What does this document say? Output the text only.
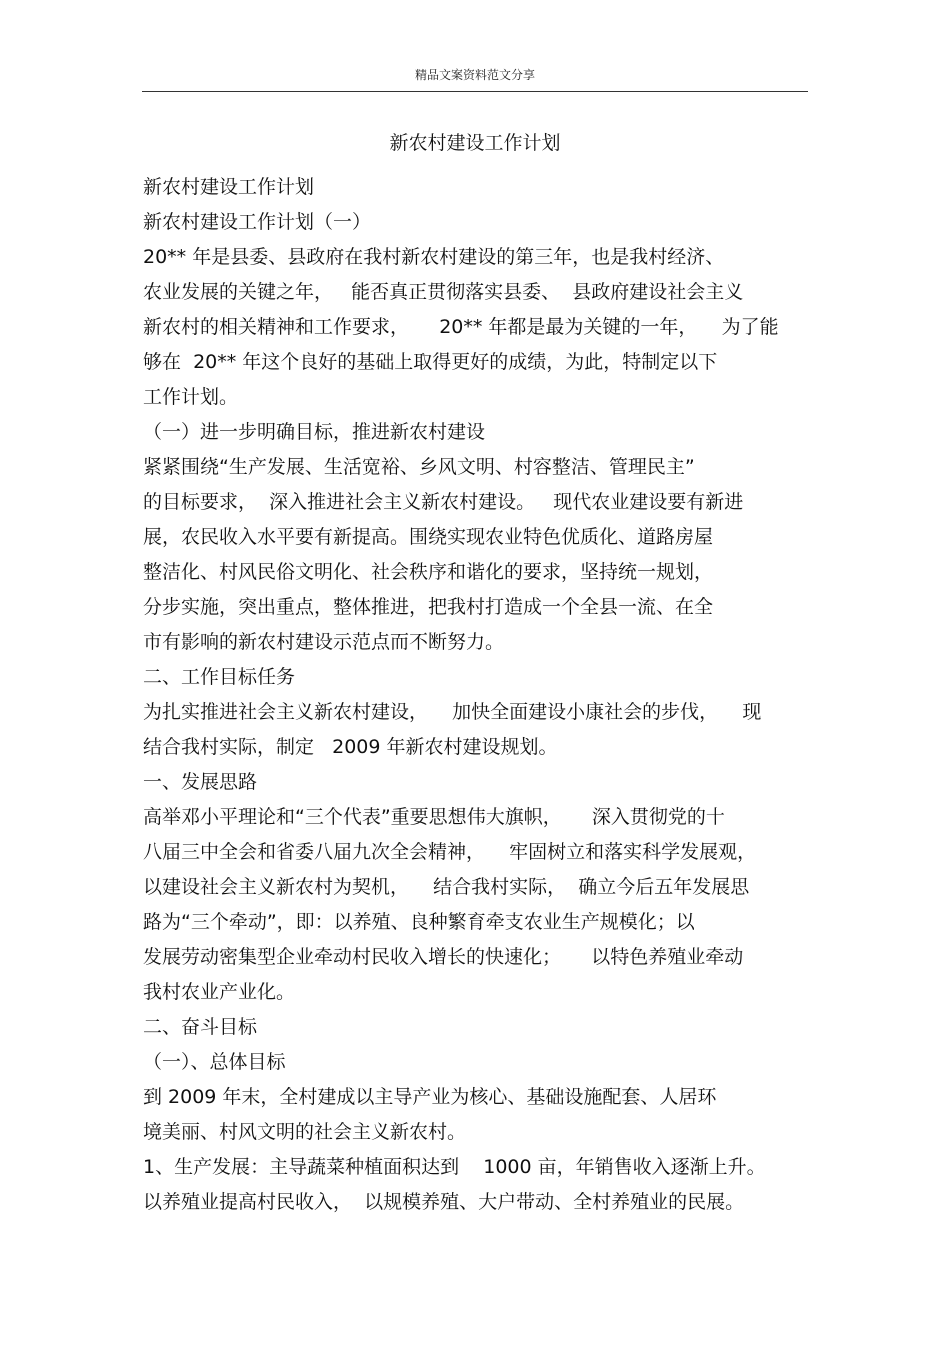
精品文案资料范文分享
新农村建设工作计划
新农村建设工作计划
新农村建设工作计划（一）
20** 年是县委、县政府在我村新农村建设的第三年，也是我村经济、
农业发展的关键之年，   能否真正贯彻落实县委、  县政府建设社会主义
新农村的相关精神和工作要求，     20** 年都是最为关键的一年，    为了能
够在  20** 年这个良好的基础上取得更好的成绩，为此，特制定以下
工作计划。
（一）进一步明确目标，推进新农村建设
紧紧围绕“生产发展、生活宽裕、乡风文明、村容整洁、管理民主”
的目标要求，  深入推进社会主义新农村建设。   现代农业建设要有新进
展，农民收入水平要有新提高。围绕实现农业特色优质化、道路房屋
整洁化、村风民俗文明化、社会秩序和谐化的要求，坚持统一规划，
分步实施，突出重点，整体推进，把我村打造成一个全县一流、在全
市有影响的新农村建设示范点而不断努力。
二、工作目标任务
为扎实推进社会主义新农村建设，    加快全面建设小康社会的步伐，    现
结合我村实际，制定   2009 年新农村建设规划。
一、发展思路
高举邓小平理论和“三个代表”重要思想伟大旗帜，     深入贯彻党的十
八届三中全会和省委八届九次全会精神，    牢固树立和落实科学发展观，
以建设社会主义新农村为契机，    结合我村实际，  确立今后五年发展思
路为“三个牵动”，即：以养殖、良种繁育牵支农业生产规模化；以
发展劳动密集型企业牵动村民收入增长的快速化；     以特色养殖业牵动
我村农业产业化。
二、奋斗目标
（一）、总体目标
到 2009 年末，全村建成以主导产业为核心、基础设施配套、人居环
境美丽、村风文明的社会主义新农村。
1、生产发展：主导蔬菜种植面积达到    1000 亩，年销售收入逐渐上升。
以养殖业提高村民收入，  以规模养殖、大户带动、全村养殖业的民展。
